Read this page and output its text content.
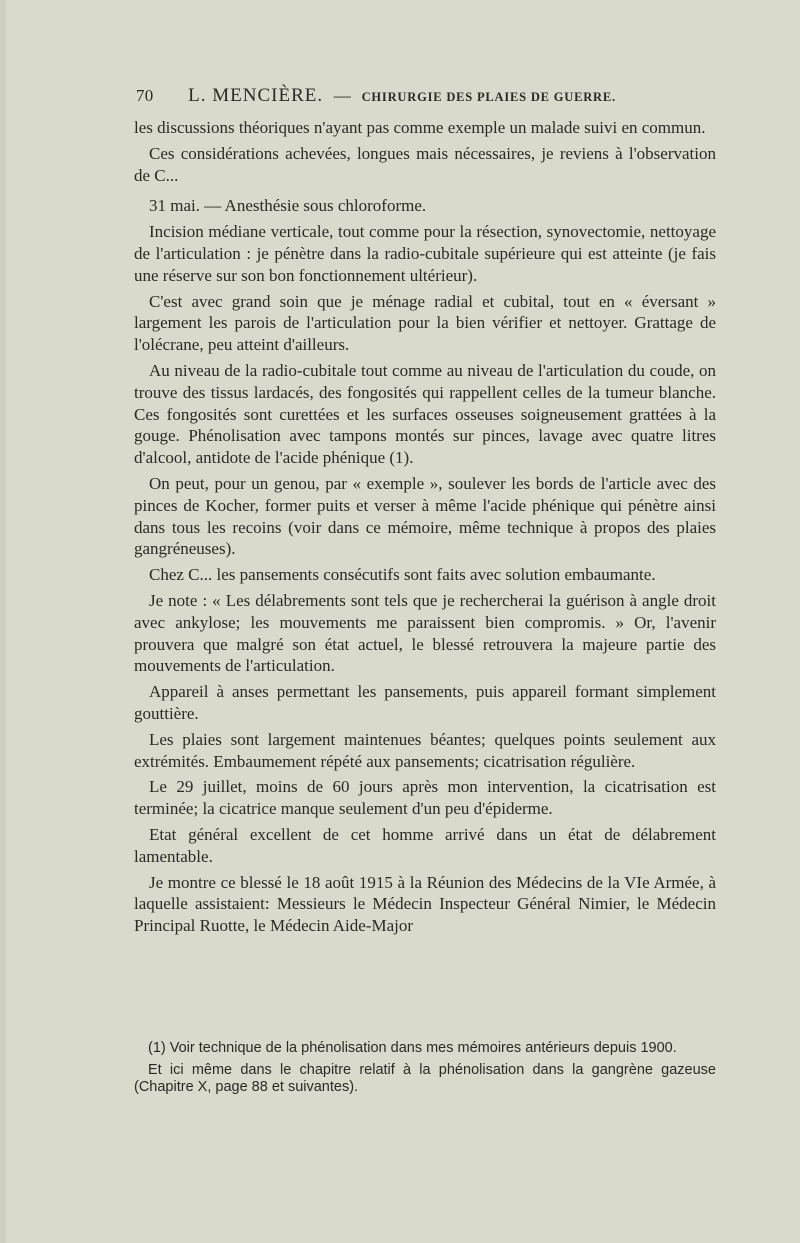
70 L. MENCIÈRE. — CHIRURGIE DES PLAIES DE GUERRE.

les discussions théoriques n'ayant pas comme exemple un malade suivi en commun.

Ces considérations achevées, longues mais nécessaires, je reviens à l'observation de C...

31 mai. — Anesthésie sous chloroforme.

Incision médiane verticale, tout comme pour la résection, synovectomie, nettoyage de l'articulation : je pénètre dans la radio-cubitale supérieure qui est atteinte (je fais une réserve sur son bon fonctionnement ultérieur).

C'est avec grand soin que je ménage radial et cubital, tout en « éversant » largement les parois de l'articulation pour la bien vérifier et nettoyer. Grattage de l'olécrane, peu atteint d'ailleurs.

Au niveau de la radio-cubitale tout comme au niveau de l'articulation du coude, on trouve des tissus lardacés, des fongosités qui rappellent celles de la tumeur blanche. Ces fongosités sont curettées et les surfaces osseuses soigneusement grattées à la gouge. Phénolisation avec tampons montés sur pinces, lavage avec quatre litres d'alcool, antidote de l'acide phénique (1).

On peut, pour un genou, par « exemple », soulever les bords de l'article avec des pinces de Kocher, former puits et verser à même l'acide phénique qui pénètre ainsi dans tous les recoins (voir dans ce mémoire, même technique à propos des plaies gangréneuses).

Chez C... les pansements consécutifs sont faits avec solution embaumante.

Je note : « Les délabrements sont tels que je rechercherai la guérison à angle droit avec ankylose; les mouvements me paraissent bien compromis. » Or, l'avenir prouvera que malgré son état actuel, le blessé retrouvera la majeure partie des mouvements de l'articulation.

Appareil à anses permettant les pansements, puis appareil formant simplement gouttière.

Les plaies sont largement maintenues béantes; quelques points seulement aux extrémités. Embaumement répété aux pansements; cicatrisation régulière.

Le 29 juillet, moins de 60 jours après mon intervention, la cicatrisation est terminée; la cicatrice manque seulement d'un peu d'épiderme.

Etat général excellent de cet homme arrivé dans un état de délabrement lamentable.

Je montre ce blessé le 18 août 1915 à la Réunion des Médecins de la VIe Armée, à laquelle assistaient: Messieurs le Médecin Inspecteur Général Nimier, le Médecin Principal Ruotte, le Médecin Aide-Major

(1) Voir technique de la phénolisation dans mes mémoires antérieurs depuis 1900.

Et ici même dans le chapitre relatif à la phénolisation dans la gangrène gazeuse (Chapitre X, page 88 et suivantes).
